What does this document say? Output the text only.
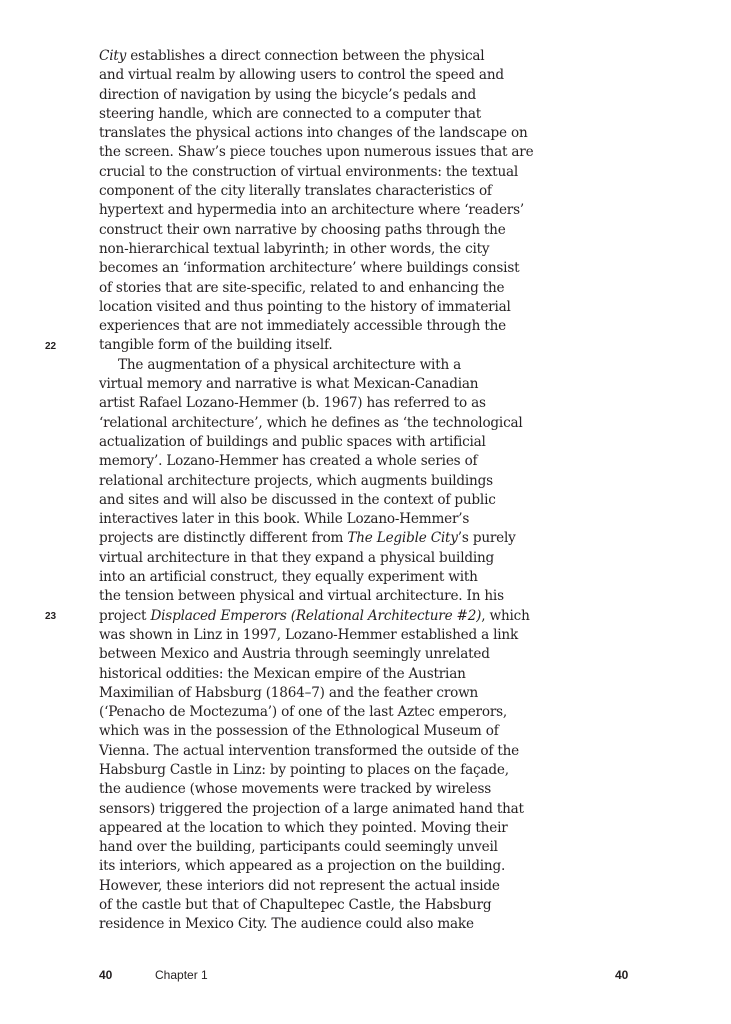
City establishes a direct connection between the physical
and virtual realm by allowing users to control the speed and
direction of navigation by using the bicycle’s pedals and
steering handle, which are connected to a computer that
translates the physical actions into changes of the landscape on
the screen. Shaw’s piece touches upon numerous issues that are
crucial to the construction of virtual environments: the textual
component of the city literally translates characteristics of
hypertext and hypermedia into an architecture where ‘readers’
construct their own narrative by choosing paths through the
non-hierarchical textual labyrinth; in other words, the city
becomes an ‘information architecture’ where buildings consist
of stories that are site-specific, related to and enhancing the
location visited and thus pointing to the history of immaterial
experiences that are not immediately accessible through the
tangible form of the building itself.
The augmentation of a physical architecture with a
virtual memory and narrative is what Mexican-Canadian
artist Rafael Lozano-Hemmer (b. 1967) has referred to as
‘relational architecture’, which he defines as ‘the technological
actualization of buildings and public spaces with artificial
memory’. Lozano-Hemmer has created a whole series of
relational architecture projects, which augments buildings
and sites and will also be discussed in the context of public
interactives later in this book. While Lozano-Hemmer’s
projects are distinctly different from The Legible City’s purely
virtual architecture in that they expand a physical building
into an artificial construct, they equally experiment with
the tension between physical and virtual architecture. In his
project Displaced Emperors (Relational Architecture #2), which
was shown in Linz in 1997, Lozano-Hemmer established a link
between Mexico and Austria through seemingly unrelated
historical oddities: the Mexican empire of the Austrian
Maximilian of Habsburg (1864–7) and the feather crown
(‘Penacho de Moctezuma’) of one of the last Aztec emperors,
which was in the possession of the Ethnological Museum of
Vienna. The actual intervention transformed the outside of the
Habsburg Castle in Linz: by pointing to places on the façade,
the audience (whose movements were tracked by wireless
sensors) triggered the projection of a large animated hand that
appeared at the location to which they pointed. Moving their
hand over the building, participants could seemingly unveil
its interiors, which appeared as a projection on the building.
However, these interiors did not represent the actual inside
of the castle but that of Chapultepec Castle, the Habsburg
residence in Mexico City. The audience could also make
22
23
40	Chapter 1	40
